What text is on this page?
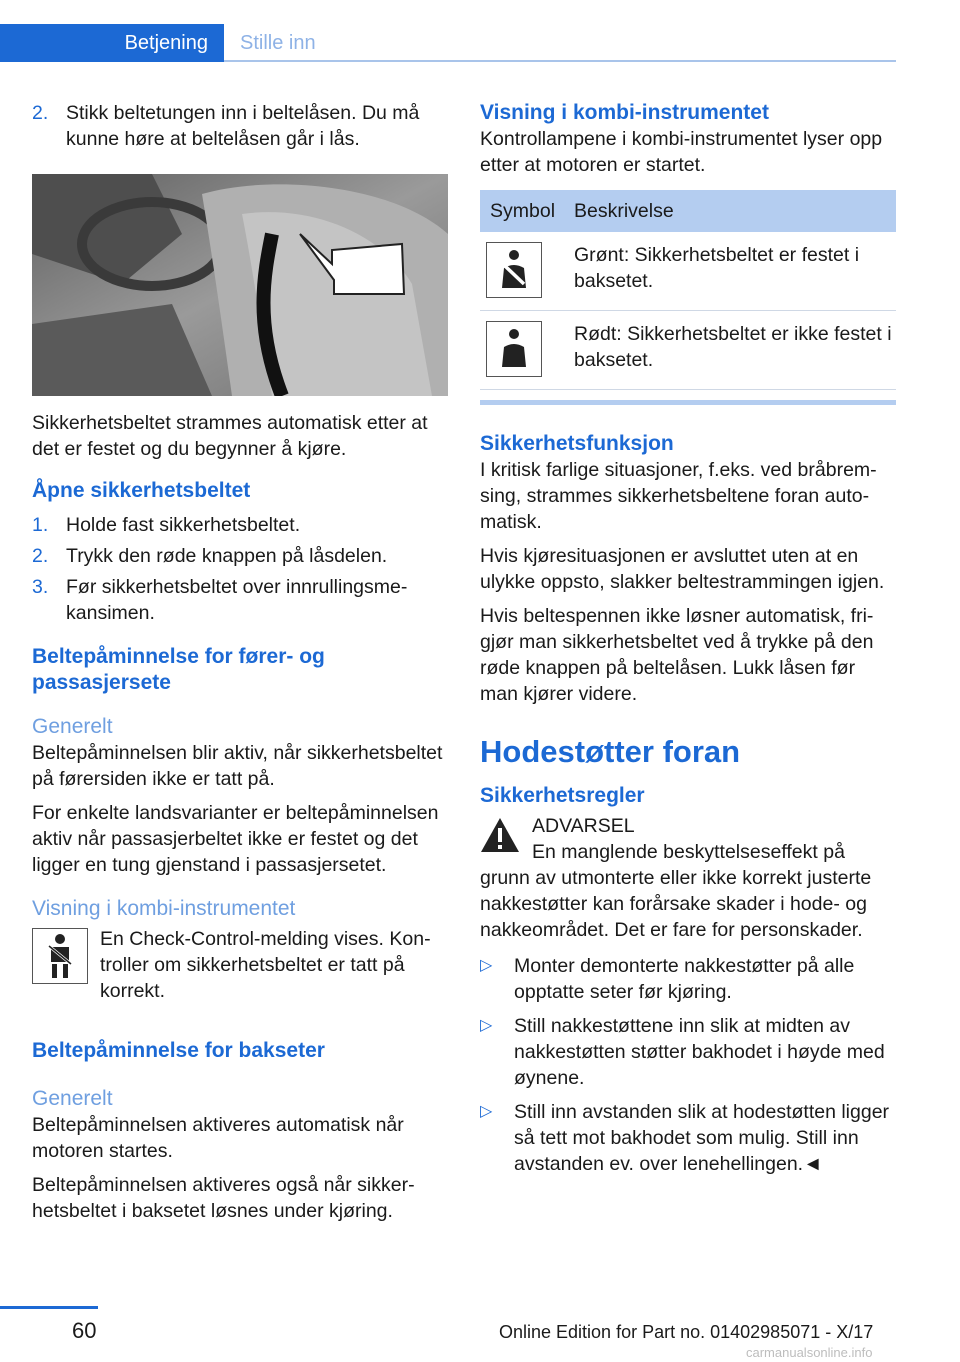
Betjening	Stille inn
2. Stikk beltetungen inn i beltelåsen. Du må kunne høre at beltelåsen går i lås.

Sikkerhetsbeltet strammes automatisk etter at det er festet og du begynner å kjøre.

Åpne sikkerhetsbeltet
1. Holde fast sikkerhetsbeltet.
2. Trykk den røde knappen på låsdelen.
3. Før sikkerhetsbeltet over innrullingsmekansimen.
Beltepåminnelse for fører- og passasjersete
Generelt

Beltepåminnelsen blir aktiv, når sikkerhetsbeltet på førersiden ikke er tatt på.

For enkelte landsvarianter er beltepåminnelsen aktiv når passasjerbeltet ikke er festet og det ligger en tung gjenstand i passasjersetet.

Visning i kombi-instrumentet

En Check-Control-melding vises. Kontroller om sikkerhetsbeltet er tatt på korrekt.

Beltepåminnelse for bakseter
Generelt

Beltepåminnelsen aktiveres automatisk når motoren startes.

Beltepåminnelsen aktiveres også når sikkerhetsbeltet i baksetet løsnes under kjøring.

Visning i kombi-instrumentet

Kontrollampene i kombi-instrumentet lyser opp etter at motoren er startet.

Symbol	Beskrivelse

	Grønt: Sikkerhetsbeltet er festet i baksetet.

	Rødt: Sikkerhetsbeltet er ikke festet i baksetet.
Sikkerhetsfunksjon

I kritisk farlige situasjoner, f.eks. ved bråbremsing, strammes sikkerhetsbeltene foran automatisk.

Hvis kjøresituasjonen er avsluttet uten at en ulykke oppsto, slakker beltestrammingen igjen.

Hvis beltespennen ikke løsner automatisk, frigjør man sikkerhetsbeltet ved å trykke på den røde knappen på beltelåsen. Lukk låsen før man kjører videre.

Hodestøtter foran
Sikkerhetsregler

ADVARSEL

En manglende beskyttelseseffekt på grunn av utmonterte eller ikke korrekt justerte nakkestøtter kan forårsake skader i hode- og nakkeområdet. Det er fare for personskader.

▷ Monter demonterte nakkestøtter på alle opptatte seter før kjøring.
▷ Still nakkestøttene inn slik at midten av nakkestøtten støtter bakhodet i høyde med øynene.
▷ Still inn avstanden slik at hodestøtten ligger så tett mot bakhodet som mulig. Still inn avstanden ev. over lenehellingen.◄
60	Online Edition for Part no. 01402985071 - X/17
carmanualsonline.info
